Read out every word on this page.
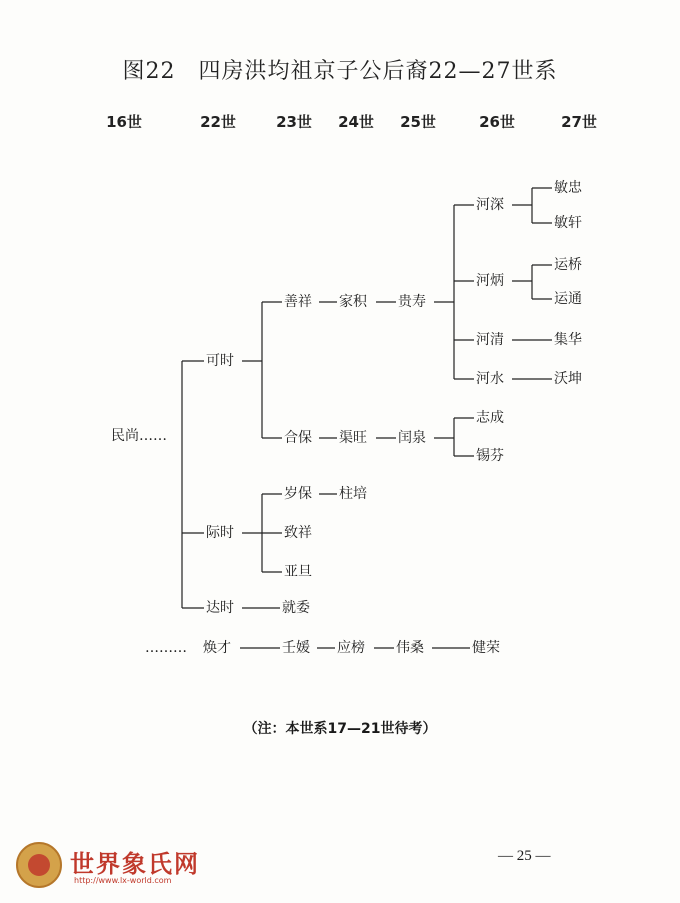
图22　四房洪均祖京子公后裔22—27世系
16世	22世	23世 24世 25世	26世	27世
民尚……
可时
善祥 家积 贵寿
河深
敏忠
敏轩
河炳
运桥
运通
河清	集华
河水	沃坤
合保 渠旺 闰泉
志成
锡芬
际时
岁保 柱培
致祥
亚旦
达时	就委
……… 焕才	壬媛 应榜 伟桑	健荣
（注：本世系17—21世待考）
世界象氏网
http://www.lx-world.com
— 25 —
